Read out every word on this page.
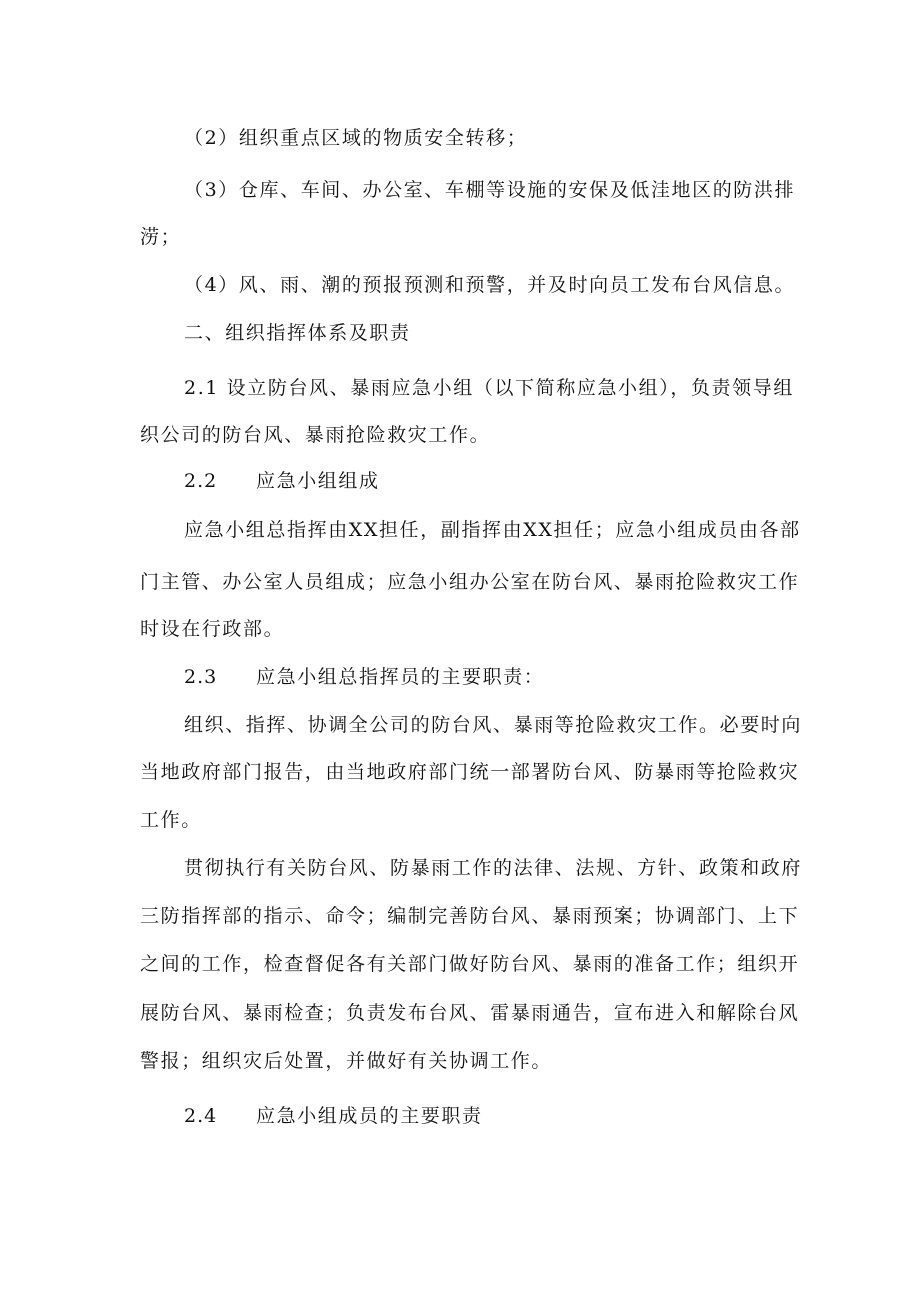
（2）组织重点区域的物质安全转移；
（3）仓库、车间、办公室、车棚等设施的安保及低洼地区的防洪排
涝；
（4）风、雨、潮的预报预测和预警，并及时向员工发布台风信息。
二、组织指挥体系及职责
2.1 设立防台风、暴雨应急小组（以下简称应急小组），负责领导组
织公司的防台风、暴雨抢险救灾工作。
2.2 应急小组组成
应急小组总指挥由XX担任，副指挥由XX担任；应急小组成员由各部
门主管、办公室人员组成；应急小组办公室在防台风、暴雨抢险救灾工作
时设在行政部。
2.3 应急小组总指挥员的主要职责：
组织、指挥、协调全公司的防台风、暴雨等抢险救灾工作。必要时向
当地政府部门报告，由当地政府部门统一部署防台风、防暴雨等抢险救灾
工作。
贯彻执行有关防台风、防暴雨工作的法律、法规、方针、政策和政府
三防指挥部的指示、命令；编制完善防台风、暴雨预案；协调部门、上下
之间的工作，检查督促各有关部门做好防台风、暴雨的准备工作；组织开
展防台风、暴雨检查；负责发布台风、雷暴雨通告，宣布进入和解除台风
警报；组织灾后处置，并做好有关协调工作。
2.4 应急小组成员的主要职责
